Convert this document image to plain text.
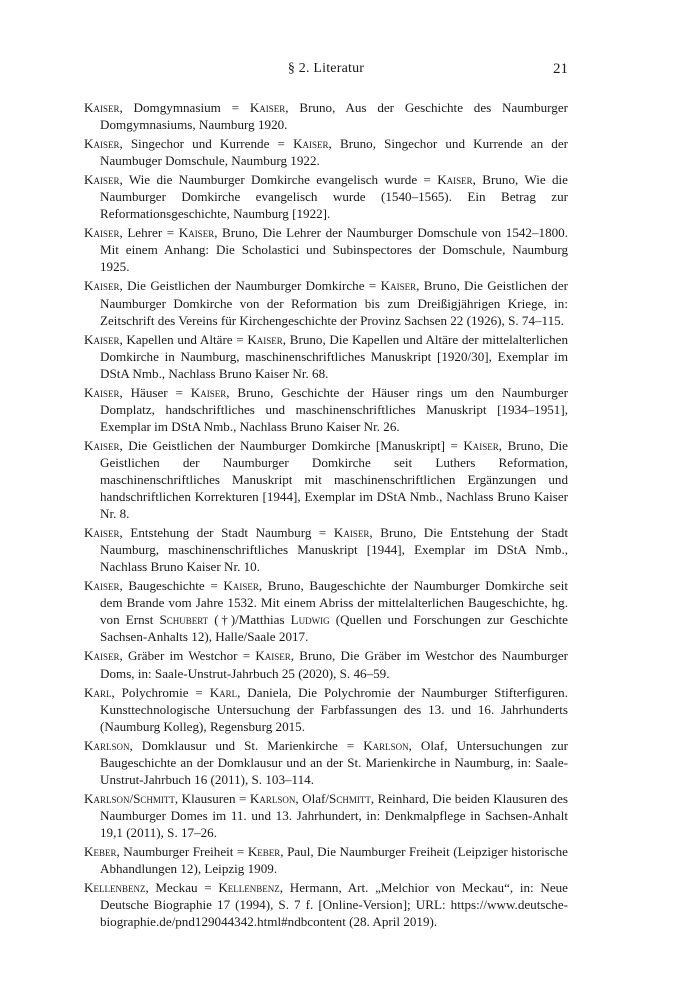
§ 2. Literatur	21

Kaiser, Domgymnasium = Kaiser, Bruno, Aus der Geschichte des Naumburger Domgymnasiums, Naumburg 1920.

Kaiser, Singechor und Kurrende = Kaiser, Bruno, Singechor und Kurrende an der Naumbuger Domschule, Naumburg 1922.

Kaiser, Wie die Naumburger Domkirche evangelisch wurde = Kaiser, Bruno, Wie die Naumburger Domkirche evangelisch wurde (1540–1565). Ein Betrag zur Reformationsgeschichte, Naumburg [1922].

Kaiser, Lehrer = Kaiser, Bruno, Die Lehrer der Naumburger Domschule von 1542–1800. Mit einem Anhang: Die Scholastici und Subinspectores der Domschule, Naumburg 1925.

Kaiser, Die Geistlichen der Naumburger Domkirche = Kaiser, Bruno, Die Geistlichen der Naumburger Domkirche von der Reformation bis zum Dreißigjährigen Kriege, in: Zeitschrift des Vereins für Kirchengeschichte der Provinz Sachsen 22 (1926), S. 74–115.

Kaiser, Kapellen und Altäre = Kaiser, Bruno, Die Kapellen und Altäre der mittelalterlichen Domkirche in Naumburg, maschinenschriftliches Manuskript [1920/30], Exemplar im DStA Nmb., Nachlass Bruno Kaiser Nr. 68.

Kaiser, Häuser = Kaiser, Bruno, Geschichte der Häuser rings um den Naumburger Domplatz, handschriftliches und maschinenschriftliches Manuskript [1934–1951], Exemplar im DStA Nmb., Nachlass Bruno Kaiser Nr. 26.

Kaiser, Die Geistlichen der Naumburger Domkirche [Manuskript] = Kaiser, Bruno, Die Geistlichen der Naumburger Domkirche seit Luthers Reformation, maschinenschriftliches Manuskript mit maschinenschriftlichen Ergänzungen und handschriftlichen Korrekturen [1944], Exemplar im DStA Nmb., Nachlass Bruno Kaiser Nr. 8.

Kaiser, Entstehung der Stadt Naumburg = Kaiser, Bruno, Die Entstehung der Stadt Naumburg, maschinenschriftliches Manuskript [1944], Exemplar im DStA Nmb., Nachlass Bruno Kaiser Nr. 10.

Kaiser, Baugeschichte = Kaiser, Bruno, Baugeschichte der Naumburger Domkirche seit dem Brande vom Jahre 1532. Mit einem Abriss der mittelalterlichen Baugeschichte, hg. von Ernst Schubert (†)/Matthias Ludwig (Quellen und Forschungen zur Geschichte Sachsen-Anhalts 12), Halle/Saale 2017.

Kaiser, Gräber im Westchor = Kaiser, Bruno, Die Gräber im Westchor des Naumburger Doms, in: Saale-Unstrut-Jahrbuch 25 (2020), S. 46–59.

Karl, Polychromie = Karl, Daniela, Die Polychromie der Naumburger Stifterfiguren. Kunsttechnologische Untersuchung der Farbfassungen des 13. und 16. Jahrhunderts (Naumburg Kolleg), Regensburg 2015.

Karlson, Domklausur und St. Marienkirche = Karlson, Olaf, Untersuchungen zur Baugeschichte an der Domklausur und an der St. Marienkirche in Naumburg, in: Saale-Unstrut-Jahrbuch 16 (2011), S. 103–114.

Karlson/Schmitt, Klausuren = Karlson, Olaf/Schmitt, Reinhard, Die beiden Klausuren des Naumburger Domes im 11. und 13. Jahrhundert, in: Denkmalpflege in Sachsen-Anhalt 19,1 (2011), S. 17–26.

Keber, Naumburger Freiheit = Keber, Paul, Die Naumburger Freiheit (Leipziger historische Abhandlungen 12), Leipzig 1909.

Kellenbenz, Meckau = Kellenbenz, Hermann, Art. „Melchior von Meckau“, in: Neue Deutsche Biographie 17 (1994), S. 7 f. [Online-Version]; URL: https://www.deutsche-biographie.de/pnd129044342.html#ndbcontent (28. April 2019).
